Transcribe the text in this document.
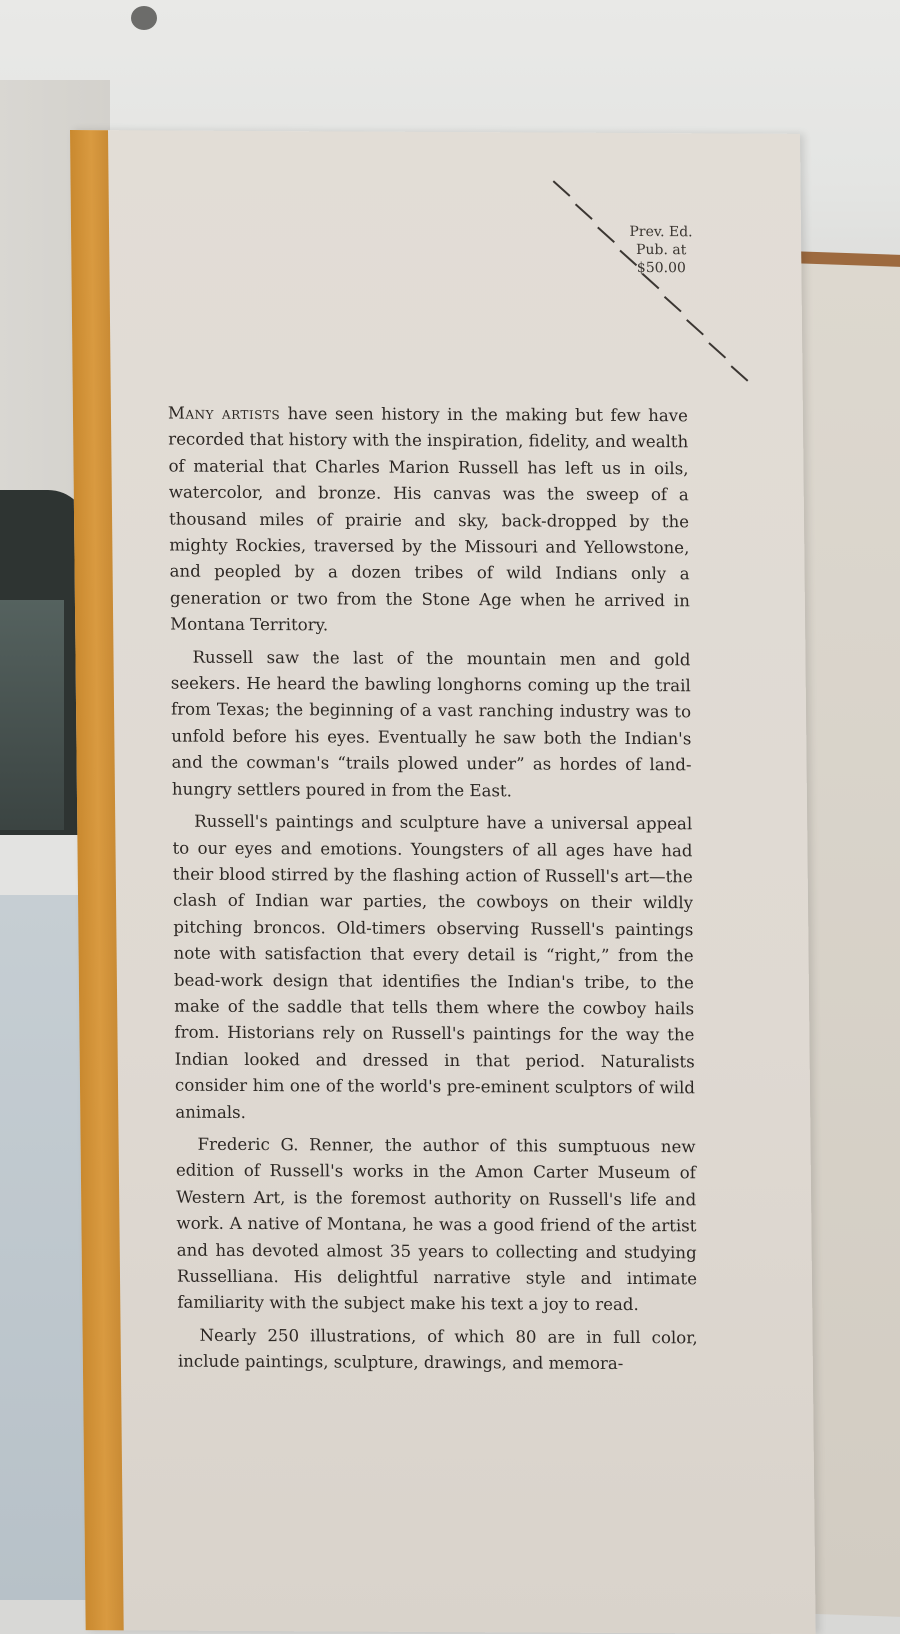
Prev. Ed.
Pub. at
$50.00

Many artists have seen history in the making but few have recorded that history with the inspiration, fidelity, and wealth of material that Charles Marion Russell has left us in oils, watercolor, and bronze. His canvas was the sweep of a thousand miles of prairie and sky, back-dropped by the mighty Rockies, traversed by the Missouri and Yellowstone, and peopled by a dozen tribes of wild Indians only a generation or two from the Stone Age when he arrived in Montana Territory.

Russell saw the last of the mountain men and gold seekers. He heard the bawling longhorns coming up the trail from Texas; the beginning of a vast ranching industry was to unfold before his eyes. Eventually he saw both the Indian's and the cowman's “trails plowed under” as hordes of land-hungry settlers poured in from the East.

Russell's paintings and sculpture have a universal appeal to our eyes and emotions. Youngsters of all ages have had their blood stirred by the flashing action of Russell's art—the clash of Indian war parties, the cowboys on their wildly pitching broncos. Old-timers observing Russell's paintings note with satisfaction that every detail is “right,” from the bead-work design that identifies the Indian's tribe, to the make of the saddle that tells them where the cowboy hails from. Historians rely on Russell's paintings for the way the Indian looked and dressed in that period. Naturalists consider him one of the world's pre-eminent sculptors of wild animals.

Frederic G. Renner, the author of this sumptuous new edition of Russell's works in the Amon Carter Museum of Western Art, is the foremost authority on Russell's life and work. A native of Montana, he was a good friend of the artist and has devoted almost 35 years to collecting and studying Russelliana. His delightful narrative style and intimate familiarity with the subject make his text a joy to read.

Nearly 250 illustrations, of which 80 are in full color, include paintings, sculpture, drawings, and memora-
